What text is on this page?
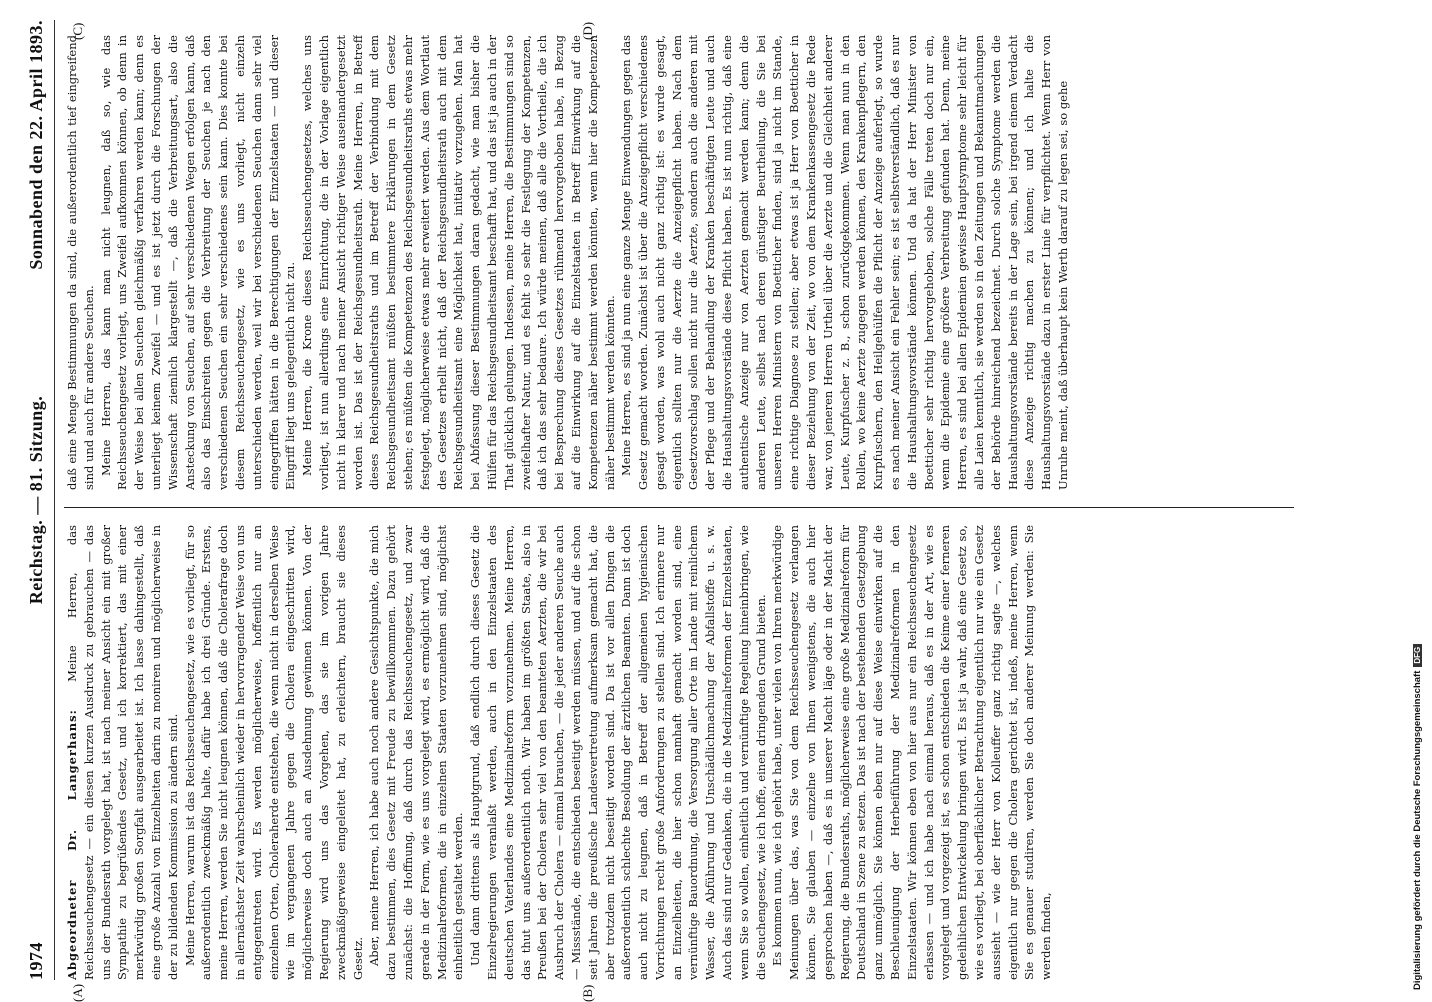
1974
Reichstag. — 81. Sitzung.
Sonnabend den 22. April 1893.
(A)	(B)
(C)	(D)

Abgeordneter Dr. Langerhans: Meine Herren, das Reichsseuchengesetz — ein diesen kurzen Ausdruck zu gebrauchen — das uns der Bundesrath vorgelegt hat, ist nach meiner Ansicht ein mit großer Sympathie zu begrüßendes Gesetz, und ich korrektiert, das mit einer merkwürdig großen Sorgfalt ausgearbeitet ist. Ich lasse dahingestellt, daß eine große Anzahl von Einzelheiten darin zu moniren und möglicherweise in der zu bildenden Kommission zu ändern sind. Meine Herren, warum ist das Reichsseuchengesetz, wie es vorliegt, für so außerordentlich zweckmäßig halte, dafür habe ich drei Gründe. Erstens, meine Herren, werden Sie nicht leugnen können, daß die Cholerafrage doch in allernächster Zeit wahrscheinlich wieder in hervorragender Weise von uns entgegentreten wird. Es werden möglicherweise, hoffentlich nur an einzelnen Orten, Choleraherde entstehen, die wenn nicht in derselben Weise wie im vergangenen Jahre gegen die Cholera eingeschritten wird, möglicherweise doch auch an Ausdehnung gewinnen können. Von der Regierung wird uns das Vorgehen, das sie im vorigen Jahre zweckmäßigerweise eingeleitet hat, zu erleichtern, braucht sie dieses Gesetz. Aber, meine Herren, ich habe auch noch andere Gesichtspunkte, die mich dazu bestimmen, dies Gesetz mit Freude zu bewillkommnen. Dazu gehört zunächst: die Hoffnung, daß durch das Reichsseuchengesetz, und zwar gerade in der Form, wie es uns vorgelegt wird, es ermöglicht wird, daß die Medizinalreformen, die in einzelnen Staaten vorzunehmen sind, möglichst einheitlich gestaltet werden. Und dann drittens als Hauptgrund, daß endlich durch dieses Gesetz die Einzelregierungen veranlaßt werden, auch in den Einzelstaaten des deutschen Vaterlandes eine Medizinalreform vorzunehmen. Meine Herren, das thut uns außerordentlich noth. Wir haben im größten Staate, also in Preußen bei der Cholera sehr viel von den beamteten Aerzten, die wir bei Ausbruch der Cholera — einmal brauchen, — die jeder anderen Seuche auch — Missstände, die entschieden beseitigt werden müssen, und auf die schon seit Jahren die preußische Landesvertretung aufmerksam gemacht hat, die aber trotzdem nicht beseitigt worden sind. Da ist vor allen Dingen die außerordentlich schlechte Besoldung der ärztlichen Beamten. Dann ist doch auch nicht zu leugnen, daß in Betreff der allgemeinen hygienischen Vorrichtungen recht große Anforderungen zu stellen sind. Ich erinnere nur an Einzelheiten, die hier schon namhaft gemacht worden sind, eine vernünftige Bauordnung, die Versorgung aller Orte im Lande mit reinlichem Wasser, die Abführung und Unschädlichmachung der Abfallstoffe u. s. w. Auch das sind nur Gedanken, die in die Medizinalreformen der Einzelstaaten, wenn Sie so wollen, einheitlich und vernünftige Regelung hineinbringen, wie die Seuchengesetz, wie ich hoffe, einen dringenden Grund bieten. Es kommen nun, wie ich gehört habe, unter vielen von Ihren merkwürdige Meinungen über das, was Sie von dem Reichsseuchengesetz verlangen können. Sie glauben — einzelne von Ihnen wenigstens, die auch hier gesprochen haben —, daß es in unserer Macht läge oder in der Macht der Regierung, die Bundesraths, möglicherweise eine große Medizinalreform für Deutschland in Szene zu setzen. Das ist nach der bestehenden Gesetzgebung ganz unmöglich. Sie können eben nur auf diese Weise einwirken auf die Beschleunigung der Herbeiführung der Medizinalreformen in den Einzelstaaten. Wir können eben von hier aus nur ein Reichsseuchengesetz erlassen — und ich habe nach einmal heraus, daß es in der Art, wie es vorgelegt und vorgezeigt ist, es schon entschieden die Keime einer ferneren gedeihlichen Entwickelung bringen wird. Es ist ja wahr, daß eine Gesetz so, wie es vorliegt, bei oberflächlicher Betrachtung eigentlich nur wie ein Gesetz aussieht — wie der Herr von Kolleuffer ganz richtig sagte —, welches eigentlich nur gegen die Cholera gerichtet ist, indeß, meine Herren, wenn Sie es genauer studiren, werden Sie doch anderer Meinung werden: Sie werden finden,

daß eine Menge Bestimmungen da sind, die außerordentlich tief eingreifend sind und auch für andere Seuchen. Meine Herren, das kann man nicht leugnen, daß so, wie das Reichsseuchengesetz vorliegt, uns Zweifel aufkommen können, ob denn in der Weise bei allen Seuchen gleichmäßig verfahren werden kann; denn es unterliegt keinem Zweifel — und es ist jetzt durch die Forschungen der Wissenschaft ziemlich klargestellt —, daß die Verbreitungsart, also die Ansteckung von Seuchen, auf sehr verschiedenen Wegen erfolgen kann, daß also das Einschreiten gegen die Verbreitung der Seuchen je nach den verschiedenen Seuchen ein sehr verschiedenes sein kann. Dies konnte bei diesem Reichsseuchengesetz, wie es uns vorliegt, nicht einzeln unterschieden werden, weil wir bei verschiedenen Seuchen dann sehr viel eingegriffen hätten in die Berechtigungen der Einzelstaaten — und dieser Eingriff liegt uns gelegentlich nicht zu. Meine Herren, die Krone dieses Reichsseuchengesetzes, welches uns vorliegt, ist nun allerdings eine Einrichtung, die in der Vorlage eigentlich nicht in klarer und nach meiner Ansicht richtiger Weise auseinandergesetzt worden ist. Das ist der Reichsgesundheitsrath. Meine Herren, in Betreff dieses Reichsgesundheitsraths und im Betreff der Verbindung mit dem Reichsgesundheitsamt müßten bestimmtere Erklärungen in dem Gesetz stehen; es müßten die Kompetenzen des Reichsgesundheitsraths etwas mehr festgelegt, möglicherweise etwas mehr erweitert werden. Aus dem Wortlaut des Gesetzes erhellt nicht, daß der Reichsgesundheitsrath auch mit dem Reichsgesundheitsamt eine Möglichkeit hat, initiativ vorzugehen. Man hat bei Abfassung dieser Bestimmungen daran gedacht, wie man bisher die Hülfen für das Reichsgesundheitsamt beschafft hat, und das ist ja auch in der That glücklich gelungen. Indessen, meine Herren, die Bestimmungen sind so zweifelhafter Natur, und es fehlt so sehr die Festlegung der Kompetenzen, daß ich das sehr bedaure. Ich würde meinen, daß alle die Vortheile, die ich bei Besprechung dieses Gesetzes rühmend hervorgehoben habe, in Bezug auf die Einwirkung auf die Einzelstaaten in Betreff Einwirkung auf die Kompetenzen näher bestimmt werden könnten, wenn hier die Kompetenzen näher bestimmt werden könnten. Meine Herren, es sind ja nun eine ganze Menge Einwendungen gegen das Gesetz gemacht worden. Zunächst ist über die Anzeigepflicht verschiedenes gesagt worden, was wohl auch nicht ganz richtig ist: es wurde gesagt, eigentlich sollten nur die Aerzte die Anzeigepflicht haben. Nach dem Gesetzvorschlag sollen nicht nur die Aerzte, sondern auch die anderen mit der Pflege und der Behandlung der Kranken beschäftigten Leute und auch die Haushaltungsvorstände diese Pflicht haben. Es ist nun richtig, daß eine authentische Anzeige nur von Aerzten gemacht werden kann; denn die anderen Leute, selbst nach deren günstiger Beurtheilung, die Sie bei unseren Herren Ministern von Boetticher finden, sind ja nicht im Stande, eine richtige Diagnose zu stellen; aber etwas ist ja Herr von Boetticher in dieser Beziehung von der Zeit, wo von dem Krankenkassengesetz die Rede war, von jeneren Herren Urtheil über die Aerzte und die Gleichheit anderer Leute, Kurpfuscher z. B., schon zurückgekommen. Wenn man nun in den Rollen, wo keine Aerzte zugegen werden können, den Krankenpflegern, den Kurpfuschern, den Heilgehülfen die Pflicht der Anzeige auferlegt, so wurde es nach meiner Ansicht ein Fehler sein; es ist selbstverständlich, daß es nur die Haushaltungsvorstände können. Und da hat der Herr Minister von Boetticher sehr richtig hervorgehoben, solche Fälle treten doch nur ein, wenn die Epidemie eine größere Verbreitung gefunden hat. Denn, meine Herren, es sind bei allen Epidemien gewisse Hauptsymptome sehr leicht für alle Laien kenntlich, sie werden so in den Zeitungen und Bekanntmachungen der Behörde hinreichend bezeichnet. Durch solche Symptome werden die Haushaltungsvorstände bereits in der Lage sein, bei irgend einem Verdacht diese Anzeige richtig machen zu können; und ich halte die Haushaltungsvorstände dazu in erster Linie für verpflichtet. Wenn Herr von Unruhe meint, daß überhaupt kein Werth darauf zu legen sei, so gehe

Digitalisierung gefördert durch die Deutsche ForschungsgemeinschaftDFG
